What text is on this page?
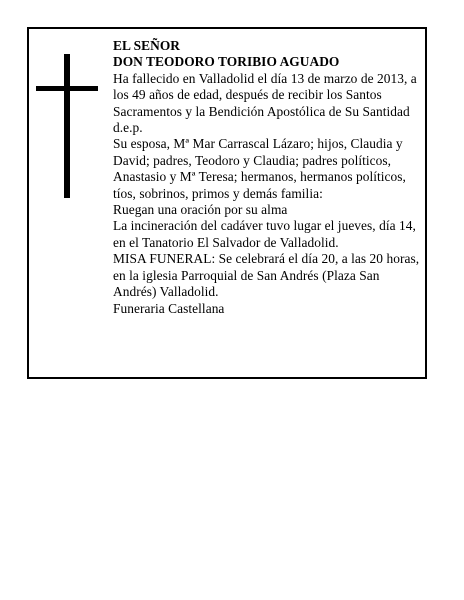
EL SEÑOR

DON TEODORO TORIBIO AGUADO

Ha fallecido en Valladolid el día 13 de marzo de 2013, a los 49 años de edad, después de recibir los Santos Sacramentos y la Bendición Apostólica de Su Santidad d.e.p.

Su esposa, Mª Mar Carrascal Lázaro; hijos, Claudia y David; padres, Teodoro y Claudia; padres políticos, Anastasio y Mª Teresa; hermanos, hermanos políticos, tíos, sobrinos, primos y demás familia:

Ruegan una oración por su alma

La incineración del cadáver tuvo lugar el jueves, día 14, en el Tanatorio El Salvador de Valladolid.

MISA FUNERAL: Se celebrará el día 20, a las 20 horas, en la iglesia Parroquial de San Andrés (Plaza San Andrés) Valladolid.

Funeraria Castellana
